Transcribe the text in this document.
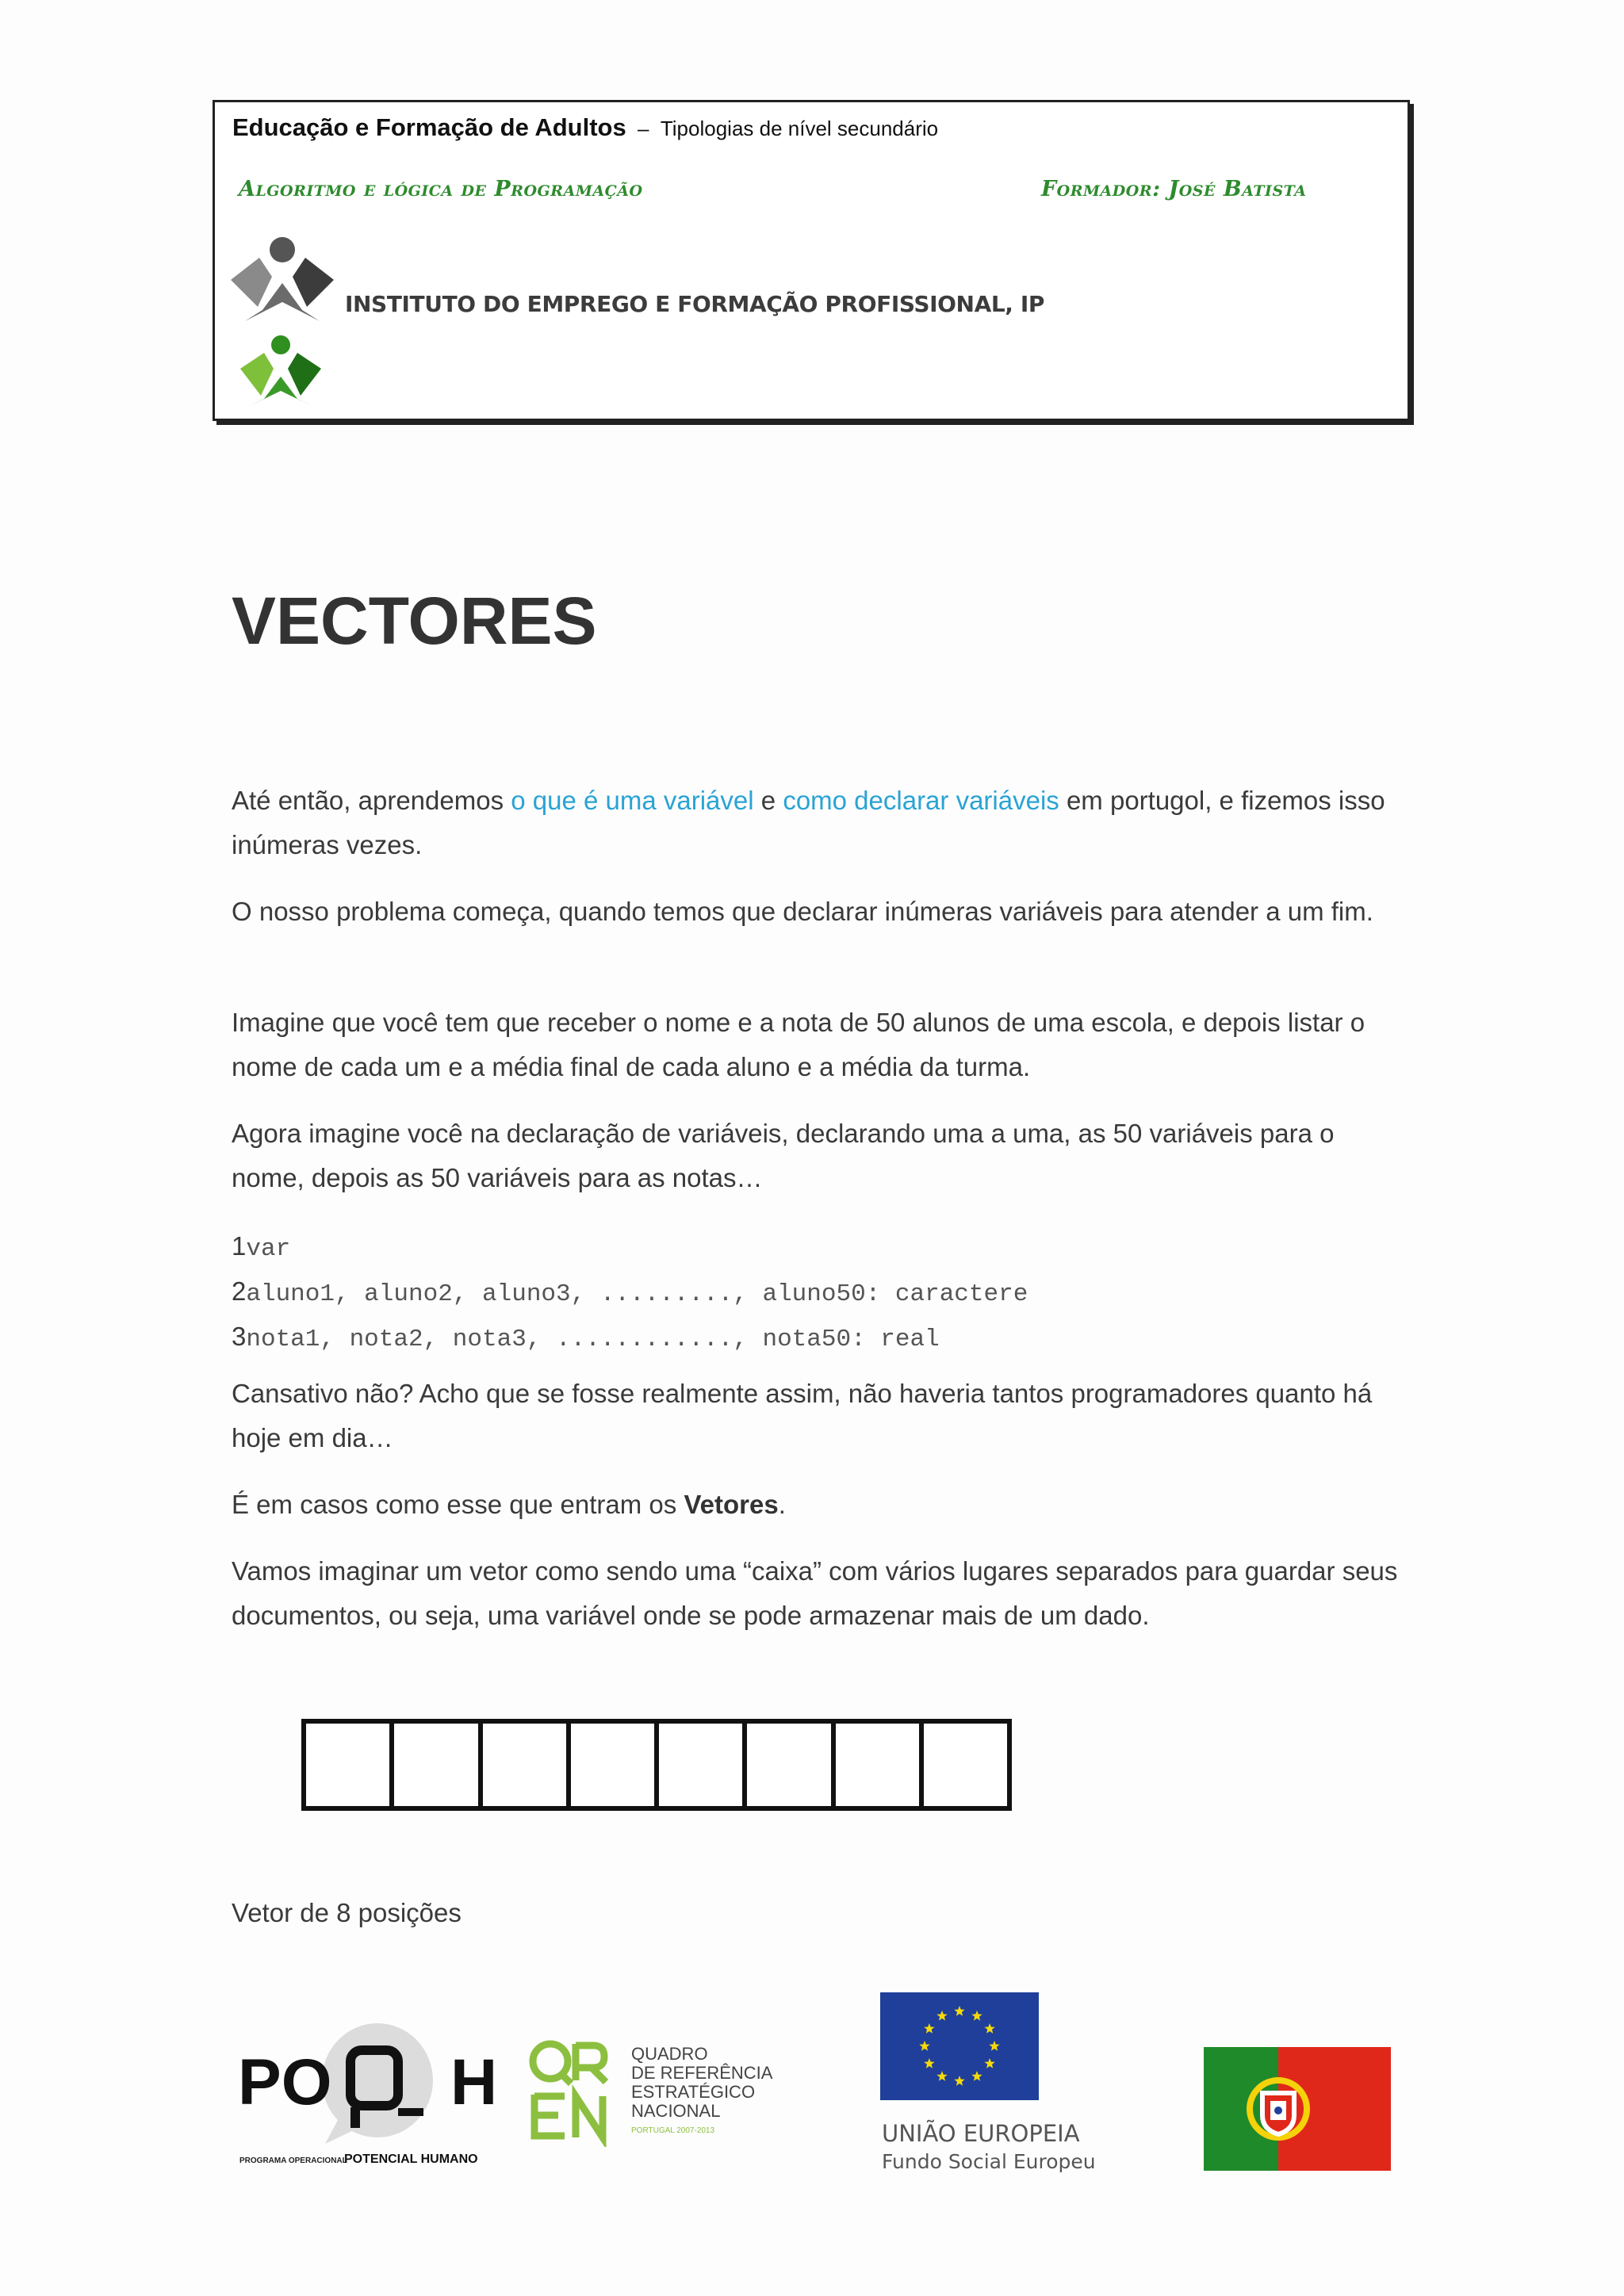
Educação e Formação de Adultos – Tipologias de nível secundário
Algoritmo e lógica de Programação	Formador: José Batista
INSTITUTO DO EMPREGO E FORMAÇÃO PROFISSIONAL, IP
VECTORES

Até então, aprendemos o que é uma variável e como declarar variáveis em portugol, e fizemos isso inúmeras vezes.

O nosso problema começa, quando temos que declarar inúmeras variáveis para atender a um fim.

Imagine que você tem que receber o nome e a nota de 50 alunos de uma escola, e depois listar o nome de cada um e a média final de cada aluno e a média da turma.

Agora imagine você na declaração de variáveis, declarando uma a uma, as 50 variáveis para o nome, depois as 50 variáveis para as notas…

1var
2aluno1, aluno2, aluno3, ........., aluno50: caractere
3nota1, nota2, nota3, ............, nota50: real

Cansativo não? Acho que se fosse realmente assim, não haveria tantos programadores quanto há hoje em dia…

É em casos como esse que entram os Vetores.

Vamos imaginar um vetor como sendo uma “caixa” com vários lugares separados para guardar seus documentos, ou seja, uma variável onde se pode armazenar mais de um dado.

Vetor de 8 posições
PO H
PROGRAMA OPERACIONAL
POTENCIAL HUMANO
QUADRO
DE REFERÊNCIA
ESTRATÉGICO
NACIONAL
PORTUGAL 2007-2013	UNIÃO EUROPEIA
Fundo Social Europeu
